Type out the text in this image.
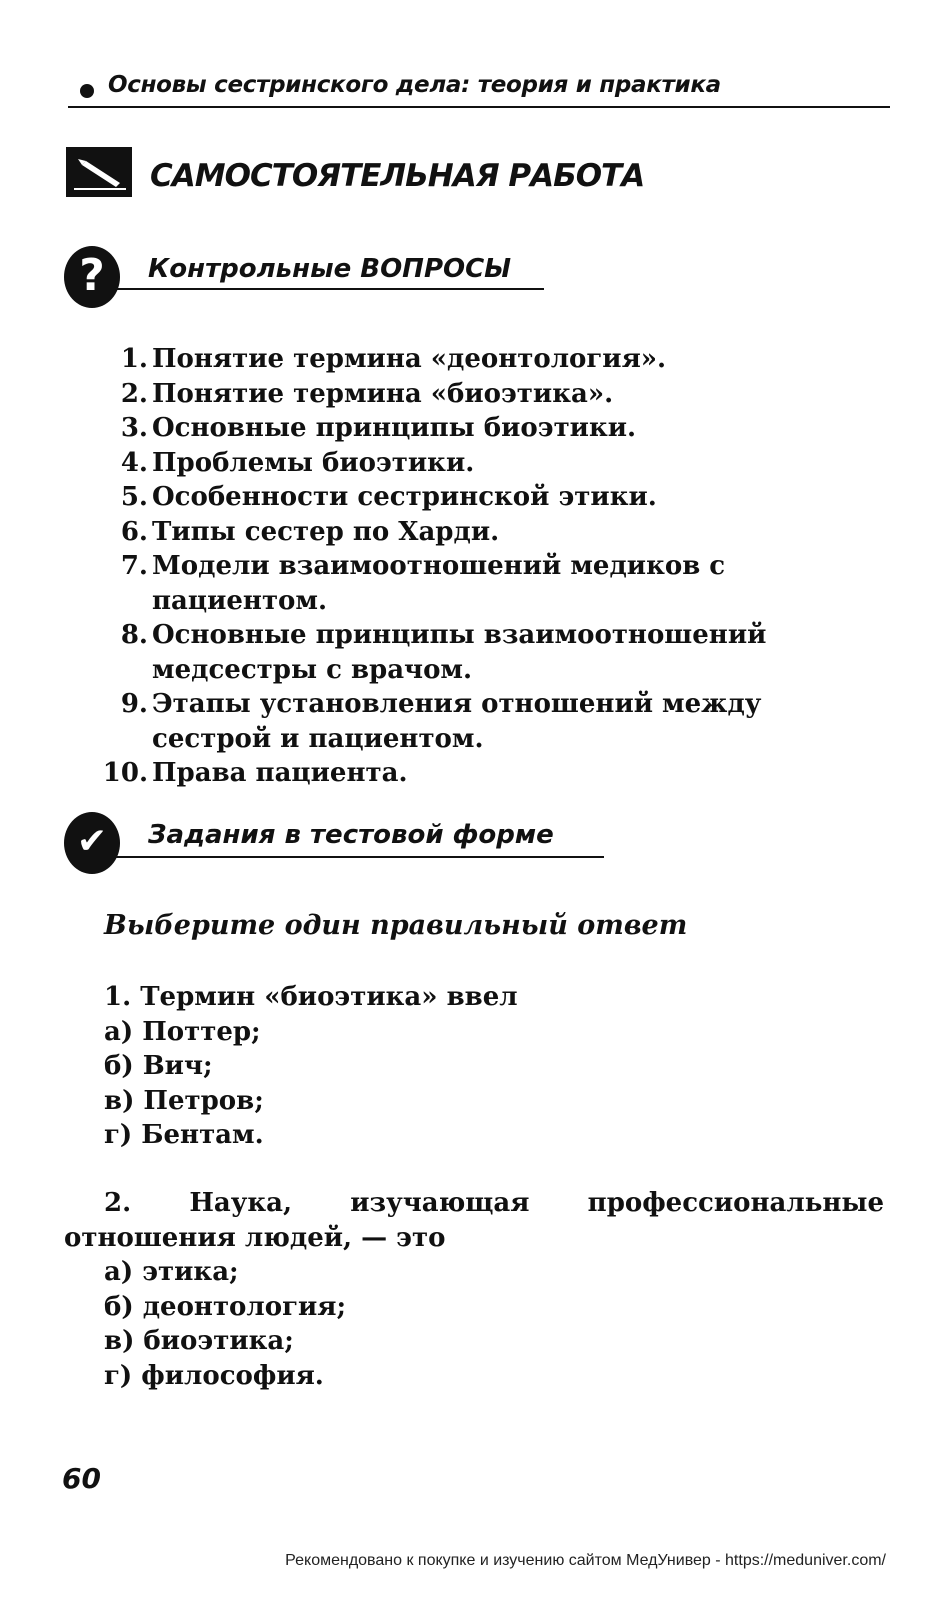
Основы сестринского дела: теория и практика
САМОСТОЯТЕЛЬНАЯ РАБОТА
?	Контрольные ВОПРОСЫ
1. Понятие термина «деонтология».
2. Понятие термина «биоэтика».
3. Основные принципы биоэтики.
4. Проблемы биоэтики.
5. Особенности сестринской этики.
6. Типы сестер по Харди.
7. Модели взаимоотношений медиков с пациентом.
8. Основные принципы взаимоотношений медсестры с врачом.
9. Этапы установления отношений между сестрой и пациентом.
10. Права пациента.
✔	Задания в тестовой форме
Выберите один правильный ответ
1. Термин «биоэтика» ввел
а) Поттер;
б) Вич;
в) Петров;
г) Бентам.
2. Наука, изучающая профессиональные отношения людей, — это
а) этика;
б) деонтология;
в) биоэтика;
г) философия.
60
Рекомендовано к покупке и изучению сайтом МедУнивер - https://meduniver.com/
